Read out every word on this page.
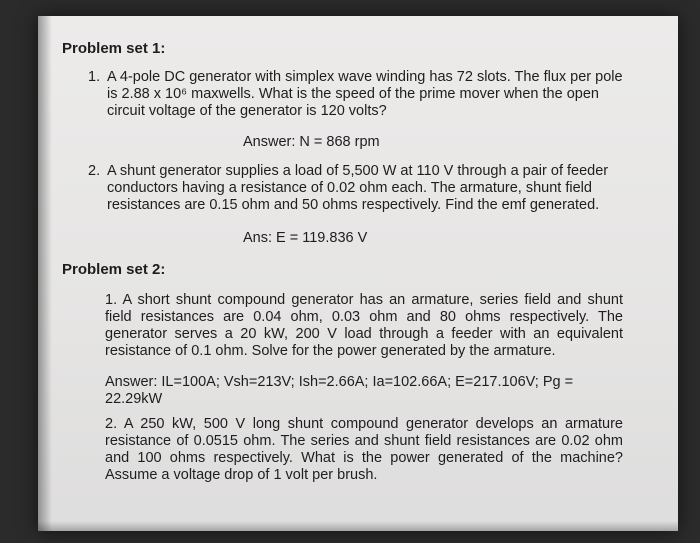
Problem set 1:
1. A 4-pole DC generator with simplex wave winding has 72 slots. The flux per pole is 2.88 x 10⁶ maxwells. What is the speed of the prime mover when the open circuit voltage of the generator is 120 volts?
Answer: N = 868 rpm
2. A shunt generator supplies a load of 5,500 W at 110 V through a pair of feeder conductors having a resistance of 0.02 ohm each. The armature, shunt field resistances are 0.15 ohm and 50 ohms respectively. Find the emf generated.
Ans: E = 119.836 V
Problem set 2:
1. A short shunt compound generator has an armature, series field and shunt field resistances are 0.04 ohm, 0.03 ohm and 80 ohms respectively. The generator serves a 20 kW, 200 V load through a feeder with an equivalent resistance of 0.1 ohm. Solve for the power generated by the armature.
Answer: IL=100A; Vsh=213V; Ish=2.66A; Ia=102.66A; E=217.106V; Pg = 22.29kW
2. A 250 kW, 500 V long shunt compound generator develops an armature resistance of 0.0515 ohm. The series and shunt field resistances are 0.02 ohm and 100 ohms respectively. What is the power generated of the machine? Assume a voltage drop of 1 volt per brush.
